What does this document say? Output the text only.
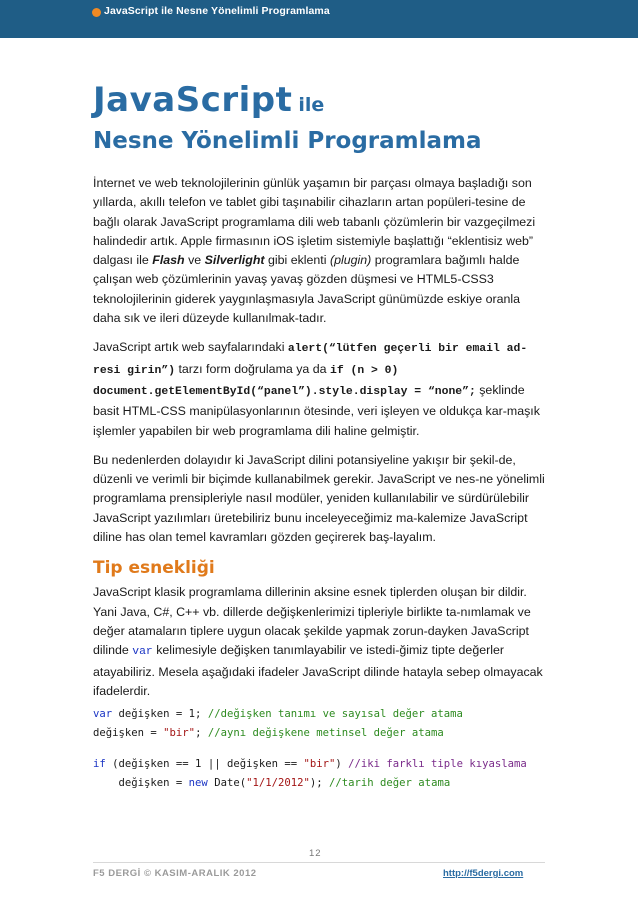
JavaScript ile Nesne Yönelimli Programlama
JavaScript ile
Nesne Yönelimli Programlama

İnternet ve web teknolojilerinin günlük yaşamın bir parçası olmaya başladığı son yıllarda, akıllı telefon ve tablet gibi taşınabilir cihazların artan popüleri-tesine de bağlı olarak JavaScript programlama dili web tabanlı çözümlerin bir vazgeçilmezi halindedir artık. Apple firmasının iOS işletim sistemiyle başlattığı “eklentisiz web” dalgası ile Flash ve Silverlight gibi eklenti (plugin) programlara bağımlı halde çalışan web çözümlerinin yavaş yavaş gözden düşmesi ve HTML5-CSS3 teknolojilerinin giderek yaygınlaşmasıyla JavaScript günümüzde eskiye oranla daha sık ve ileri düzeyde kullanılmak-tadır.

JavaScript artık web sayfalarındaki alert(“lütfen geçerli bir email ad-resi girin”) tarzı form doğrulama ya da if (n > 0) document.getElementById(“panel”).style.display = “none”; şeklinde basit HTML-CSS manipülasyonlarının ötesinde, veri işleyen ve oldukça kar-maşık işlemler yapabilen bir web programlama dili haline gelmiştir.

Bu nedenlerden dolayıdır ki JavaScript dilini potansiyeline yakışır bir şekil-de, düzenli ve verimli bir biçimde kullanabilmek gerekir. JavaScript ve nes-ne yönelimli programlama prensipleriyle nasıl modüler, yeniden kullanılabilir ve sürdürülebilir JavaScript yazılımları üretebiliriz bunu inceleyeceğimiz ma-kalemize JavaScript diline has olan temel kavramları gözden geçirerek baş-layalım.

Tip esnekliği

JavaScript klasik programlama dillerinin aksine esnek tiplerden oluşan bir dildir. Yani Java, C#, C++ vb. dillerde değişkenlerimizi tipleriyle birlikte ta-nımlamak ve değer atamaların tiplere uygun olacak şekilde yapmak zorun-dayken JavaScript dilinde var kelimesiyle değişken tanımlayabilir ve istedi-ğimiz tipte değerler atayabiliriz. Mesela aşağıdaki ifadeler JavaScript dilinde hatayla sebep olmayacak ifadelerdir.

var değişken = 1; //değişken tanımı ve sayısal değer atama
değişken = "bir"; //aynı değişkene metinsel değer atama
if (değişken == 1 || değişken == "bir") //iki farklı tiple kıyaslama
değişken = new Date("1/1/2012"); //tarih değer atama
12
F5 DERGİ © KASIM-ARALIK 2012	http://f5dergi.com
